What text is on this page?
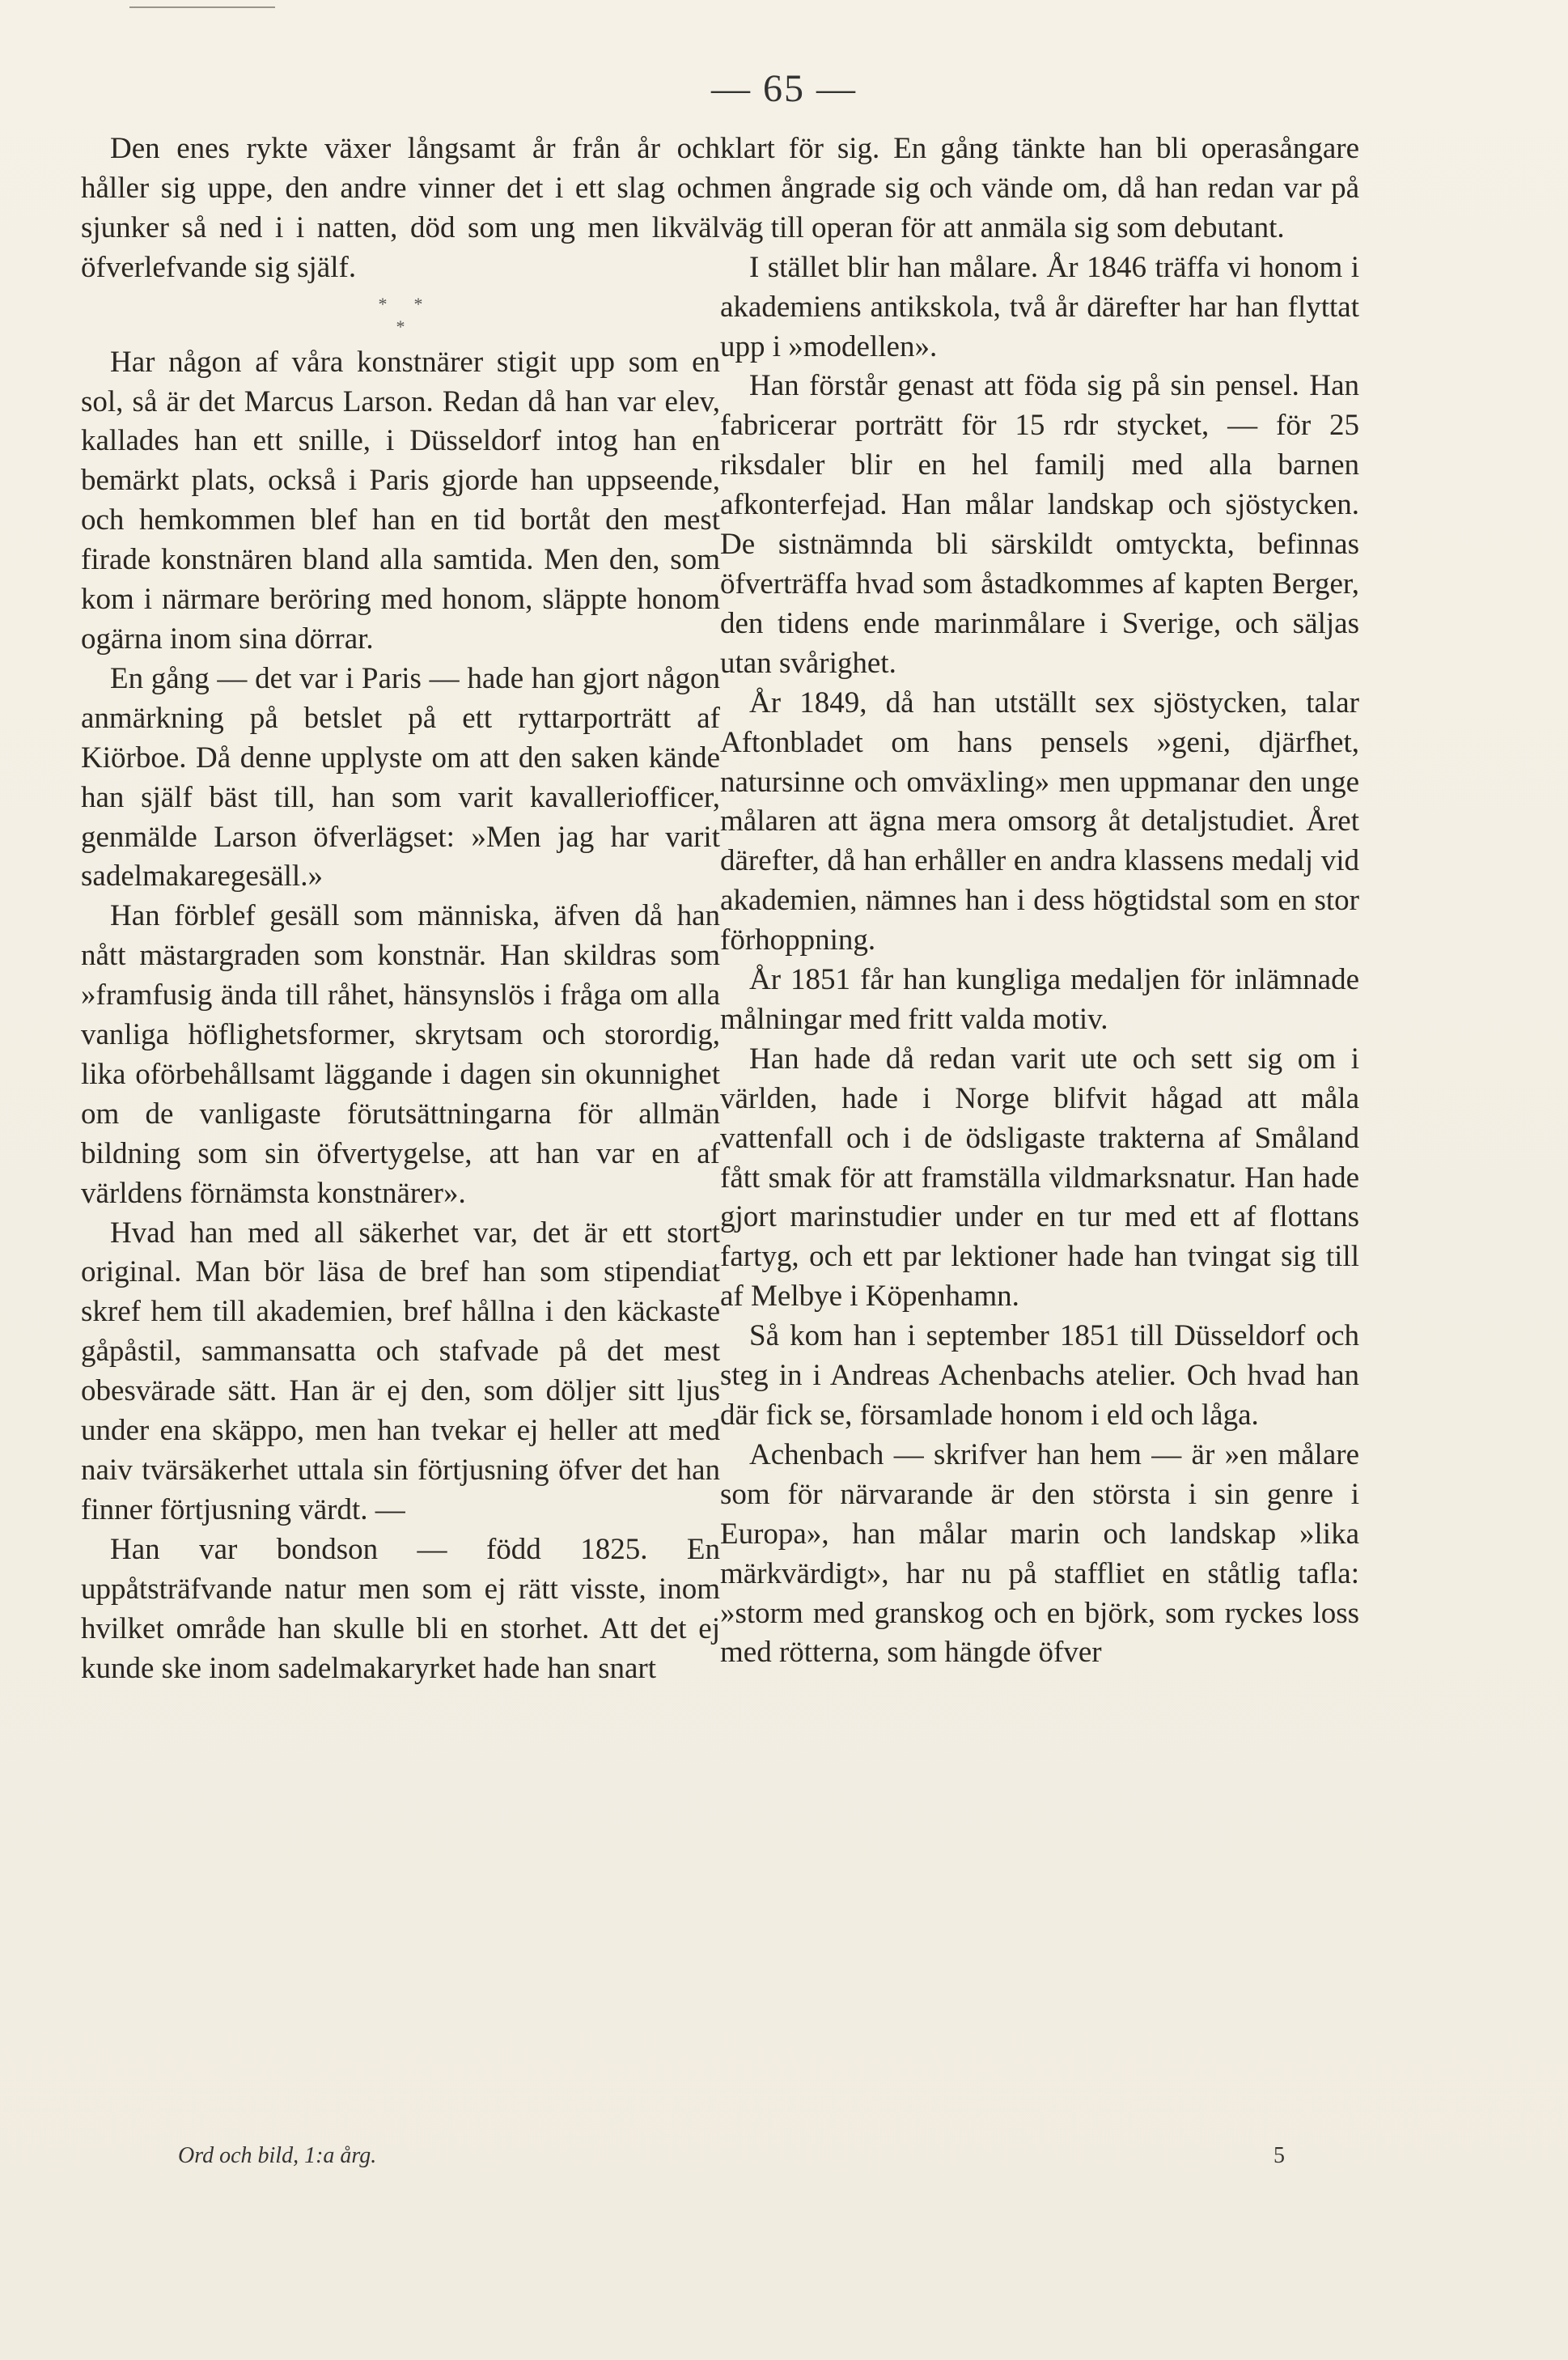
— 65 —

Den enes rykte växer långsamt år från år och håller sig uppe, den andre vinner det i ett slag och sjunker så ned i i natten, död som ung men likväl öfverlefvande sig själf.

*      *
*

Har någon af våra konstnärer stigit upp som en sol, så är det Marcus Larson. Redan då han var elev, kallades han ett snille, i Düsseldorf intog han en bemärkt plats, också i Paris gjorde han uppseende, och hemkommen blef han en tid bortåt den mest firade konstnären bland alla samtida. Men den, som kom i närmare beröring med honom, släppte honom ogärna inom sina dörrar.

En gång — det var i Paris — hade han gjort någon anmärkning på betslet på ett ryttarporträtt af Kiörboe. Då denne upplyste om att den saken kände han själf bäst till, han som varit kavalleriofficer, genmälde Larson öfverlägset: »Men jag har varit sadelmakaregesäll.»

Han förblef gesäll som människa, äfven då han nått mästargraden som konstnär. Han skildras som »framfusig ända till råhet, hänsynslös i fråga om alla vanliga höflighetsformer, skrytsam och storordig, lika oförbehållsamt läggande i dagen sin okunnighet om de vanligaste förutsättningarna för allmän bildning som sin öfvertygelse, att han var en af världens förnämsta konstnärer».

Hvad han med all säkerhet var, det är ett stort original. Man bör läsa de bref han som stipendiat skref hem till akademien, bref hållna i den käckaste gåpåstil, sammansatta och stafvade på det mest obesvärade sätt. Han är ej den, som döljer sitt ljus under ena skäppo, men han tvekar ej heller att med naiv tvärsäkerhet uttala sin förtjusning öfver det han finner förtjusning värdt. —

Han var bondson — född 1825. En uppåtsträfvande natur men som ej rätt visste, inom hvilket område han skulle bli en storhet. Att det ej kunde ske inom sadelmakaryrket hade han snart

klart för sig. En gång tänkte han bli operasångare men ångrade sig och vände om, då han redan var på väg till operan för att anmäla sig som debutant.

I stället blir han målare. År 1846 träffa vi honom i akademiens antikskola, två år därefter har han flyttat upp i »modellen».

Han förstår genast att föda sig på sin pensel. Han fabricerar porträtt för 15 rdr stycket, — för 25 riksdaler blir en hel familj med alla barnen afkonterfejad. Han målar landskap och sjöstycken. De sistnämnda bli särskildt omtyckta, befinnas öfverträffa hvad som åstadkommes af kapten Berger, den tidens ende marinmålare i Sverige, och säljas utan svårighet.

År 1849, då han utställt sex sjöstycken, talar Aftonbladet om hans pensels »geni, djärfhet, natursinne och omväxling» men uppmanar den unge målaren att ägna mera omsorg åt detaljstudiet. Året därefter, då han erhåller en andra klassens medalj vid akademien, nämnes han i dess högtidstal som en stor förhoppning.

År 1851 får han kungliga medaljen för inlämnade målningar med fritt valda motiv.

Han hade då redan varit ute och sett sig om i världen, hade i Norge blifvit hågad att måla vattenfall och i de ödsligaste trakterna af Småland fått smak för att framställa vildmarksnatur. Han hade gjort marinstudier under en tur med ett af flottans fartyg, och ett par lektioner hade han tvingat sig till af Melbye i Köpenhamn.

Så kom han i september 1851 till Düsseldorf och steg in i Andreas Achenbachs atelier. Och hvad han där fick se, församlade honom i eld och låga.

Achenbach — skrifver han hem — är »en målare som för närvarande är den största i sin genre i Europa», han målar marin och landskap »lika märkvärdigt», har nu på staffliet en ståtlig tafla: »storm med granskog och en björk, som ryckes loss med rötterna, som hängde öfver

Ord och bild, 1:a årg.	5
